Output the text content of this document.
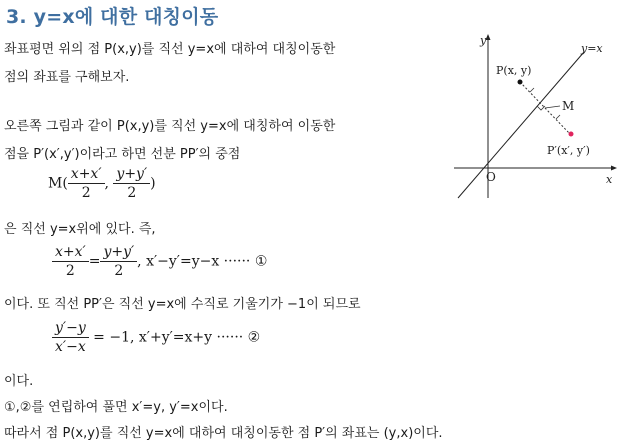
3. y=x에 대한 대칭이동
좌표평면 위의 점 P(x,y)를 직선 y=x에 대하여 대칭이동한
점의 좌표를 구해보자.
오른쪽 그림과 같이 P(x,y)를 직선 y=x에 대칭하여 이동한
점을 P′(x′,y′)이라고 하면 선분 PP′의 중점
$M( \frac{x+x'}{2}$ , $\frac{y+y'}{2}$ )
은 직선 y=x위에 있다. 즉,
$\frac{x+x'}{2} = \frac{y+y'}{2}$ , x′−y′=y−x ······ ①
이다. 또 직선 PP′은 직선 y=x에 수직로 기울기가 −1이 되므로
$\frac{y'-y}{x'-x} = -1$, x′+y′=x+y ······ ②
이다.
①,②를 연립하여 풀면 x′=y, y′=x이다.
따라서 점 P(x,y)를 직선 y=x에 대하여 대칭이동한 점 P′의 좌표는 (y,x)이다.
y
x
y=x
O
P(x, y)
P′(x′, y′)
M
